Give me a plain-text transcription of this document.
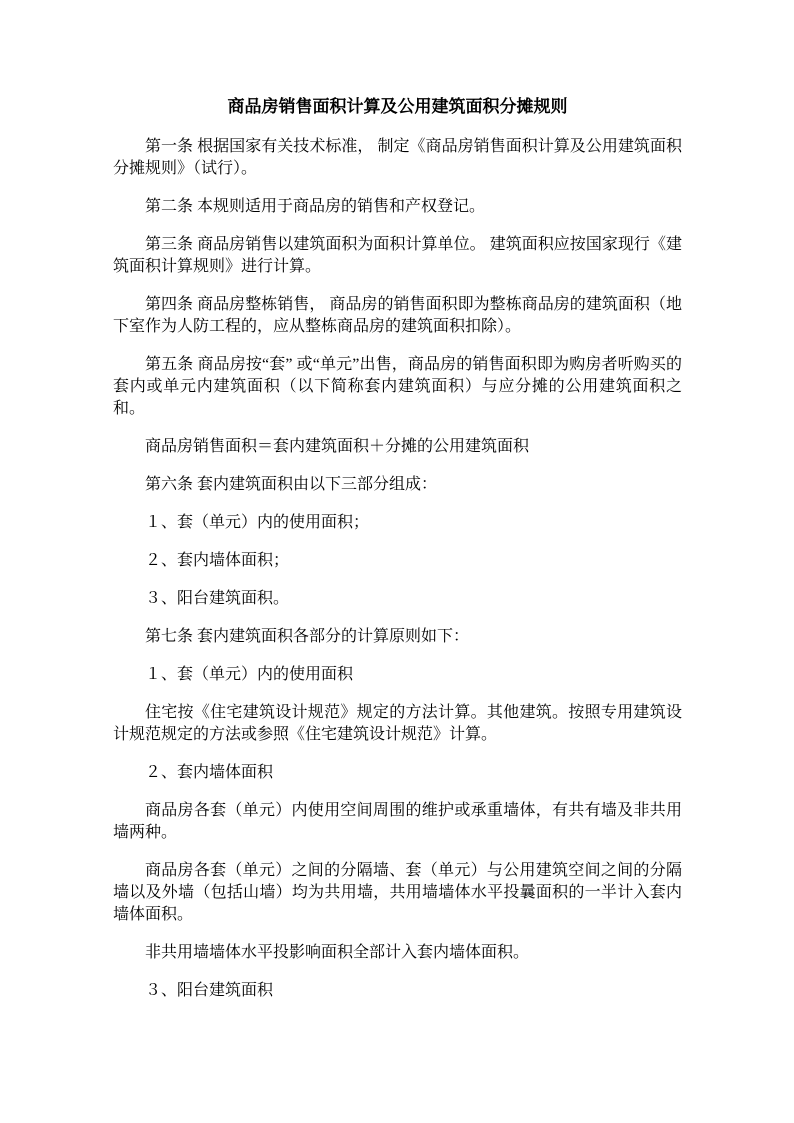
商品房销售面积计算及公用建筑面积分摊规则

第一条 根据国家有关技术标准， 制定《商品房销售面积计算及公用建筑面积分摊规则》（试行）。

第二条 本规则适用于商品房的销售和产权登记。

第三条 商品房销售以建筑面积为面积计算单位。 建筑面积应按国家现行《建筑面积计算规则》进行计算。

第四条 商品房整栋销售， 商品房的销售面积即为整栋商品房的建筑面积（地下室作为人防工程的，应从整栋商品房的建筑面积扣除）。

第五条 商品房按“套” 或“单元”出售，商品房的销售面积即为购房者听购买的套内或单元内建筑面积（以下简称套内建筑面积）与应分摊的公用建筑面积之和。

商品房销售面积＝套内建筑面积＋分摊的公用建筑面积

第六条 套内建筑面积由以下三部分组成：

１、套（单元）内的使用面积；

２、套内墙体面积；

３、阳台建筑面积。

第七条 套内建筑面积各部分的计算原则如下：

１、套（单元）内的使用面积

住宅按《住宅建筑设计规范》规定的方法计算。其他建筑。按照专用建筑设计规范规定的方法或参照《住宅建筑设计规范》计算。

２、套内墙体面积

商品房各套（单元）内使用空间周围的维护或承重墙体，有共有墙及非共用墙两种。

商品房各套（单元）之间的分隔墙、套（单元）与公用建筑空间之间的分隔墙以及外墙（包括山墙）均为共用墙，共用墙墙体水平投曩面积的一半计入套内墙体面积。

非共用墙墙体水平投影响面积全部计入套内墙体面积。

３、阳台建筑面积
